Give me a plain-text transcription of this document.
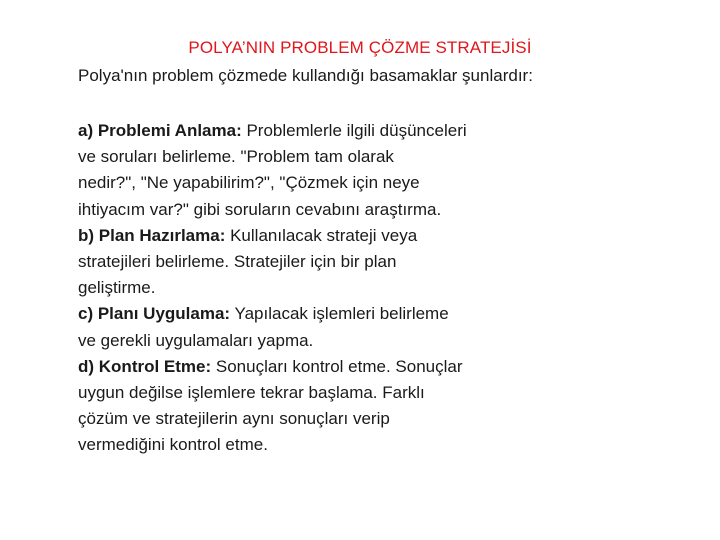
POLYA’NIN PROBLEM ÇÖZME STRATEJİSİ
Polya'nın problem çözmede kullandığı basamaklar şunlardır:
a) Problemi Anlama: Problemlerle ilgili düşünceleri
ve soruları belirleme. "Problem tam olarak
nedir?", "Ne yapabilirim?", "Çözmek için neye
ihtiyacım var?" gibi soruların cevabını araştırma.
b) Plan Hazırlama: Kullanılacak strateji veya
stratejileri belirleme. Stratejiler için bir plan
geliştirme.
c) Planı Uygulama: Yapılacak işlemleri belirleme
ve gerekli uygulamaları yapma.
d) Kontrol Etme: Sonuçları kontrol etme. Sonuçlar
uygun değilse işlemlere tekrar başlama. Farklı
çözüm ve stratejilerin aynı sonuçları verip
vermediğini kontrol etme.
